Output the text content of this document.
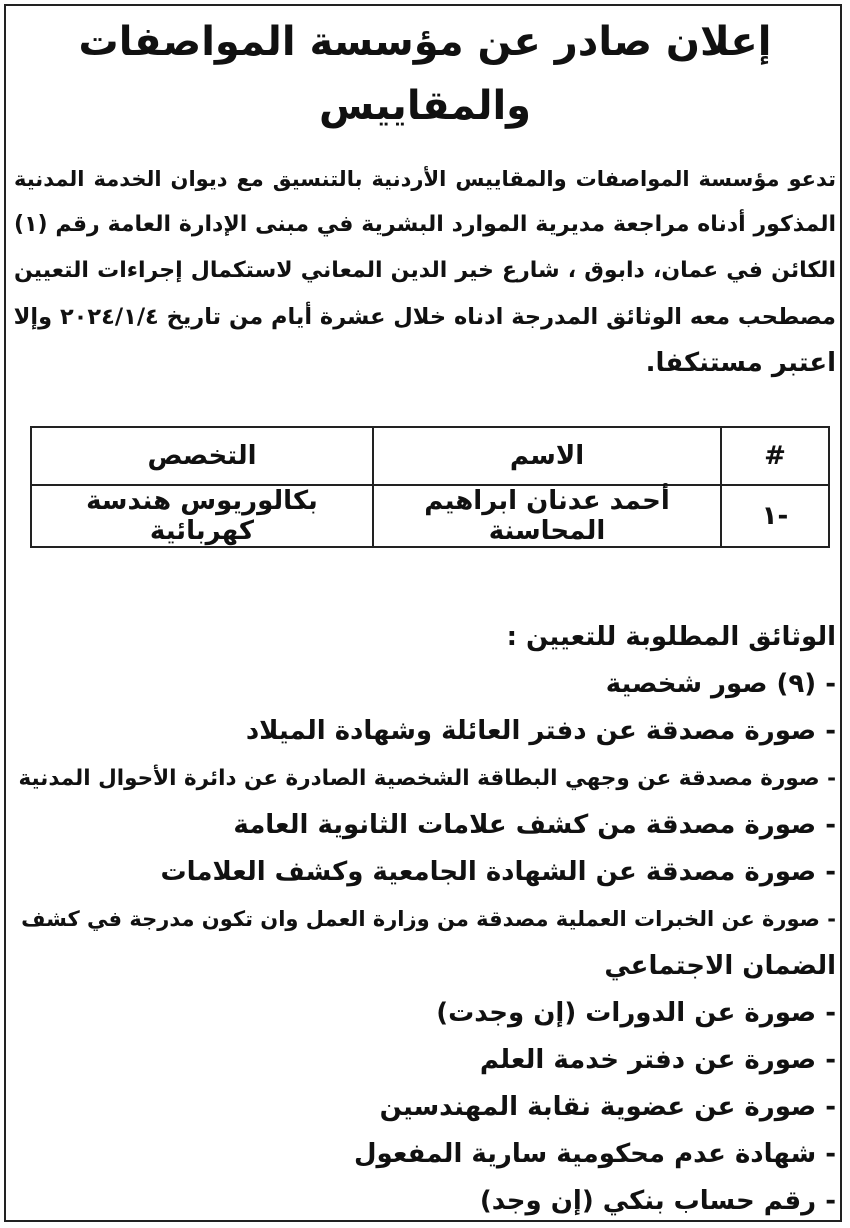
إعلان صادر عن مؤسسة المواصفات والمقاييس
تدعو مؤسسة المواصفات والمقاييس الأردنية بالتنسيق مع ديوان الخدمة المدنية
المذكور أدناه مراجعة مديرية الموارد البشرية في مبنى الإدارة العامة رقم (١)
الكائن في عمان، دابوق ، شارع خير الدين المعاني لاستكمال إجراءات التعيين
مصطحب معه الوثائق المدرجة ادناه خلال عشرة أيام من تاريخ ٢٠٢٤/١/٤ وإلا
اعتبر مستنكفا.
#	الاسم	التخصص
-١	أحمد عدنان ابراهيم المحاسنة	بكالوريوس هندسة كهربائية
الوثائق المطلوبة للتعيين :
- (٩) صور شخصية
- صورة مصدقة عن دفتر العائلة وشهادة الميلاد
- صورة مصدقة عن وجهي البطاقة الشخصية الصادرة عن دائرة الأحوال المدنية
- صورة مصدقة من كشف علامات الثانوية العامة
- صورة مصدقة عن الشهادة الجامعية وكشف العلامات
- صورة عن الخبرات العملية مصدقة من وزارة العمل وان تكون مدرجة في كشف
الضمان الاجتماعي
- صورة عن الدورات (إن وجدت)
- صورة عن دفتر خدمة العلم
- صورة عن عضوية نقابة المهندسين
- شهادة عدم محكومية سارية المفعول
- رقم حساب بنكي (إن وجد)
